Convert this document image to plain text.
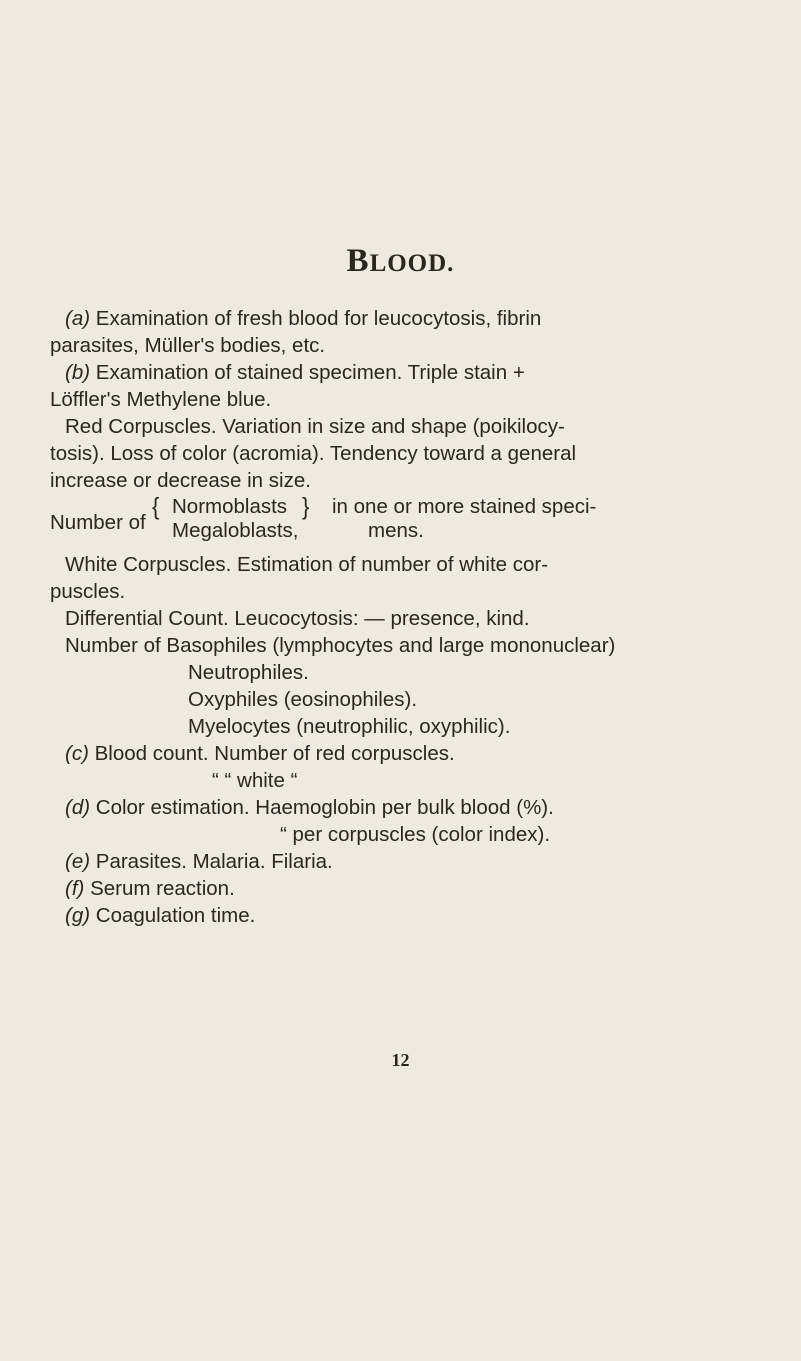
BLOOD.
(a) Examination of fresh blood for leucocytosis, fibrin
parasites, Müller's bodies, etc.
(b) Examination of stained specimen. Triple stain +
Löffler's Methylene blue.
Red Corpuscles. Variation in size and shape (poikilocy-
tosis). Loss of color (acromia). Tendency toward a general
increase or decrease in size.
Number of
{ Normoblasts
Megaloblasts,
} in one or more stained speci-
mens.
White Corpuscles. Estimation of number of white cor-
puscles.
Differential Count. Leucocytosis: — presence, kind.
Number of Basophiles (lymphocytes and large mononuclear)
Neutrophiles.
Oxyphiles (eosinophiles).
Myelocytes (neutrophilic, oxyphilic).
(c) Blood count. Number of red corpuscles.
“ “ white “
(d) Color estimation. Haemoglobin per bulk blood (%).
“ per corpuscles (color index).
(e) Parasites. Malaria. Filaria.
(f) Serum reaction.
(g) Coagulation time.
12
